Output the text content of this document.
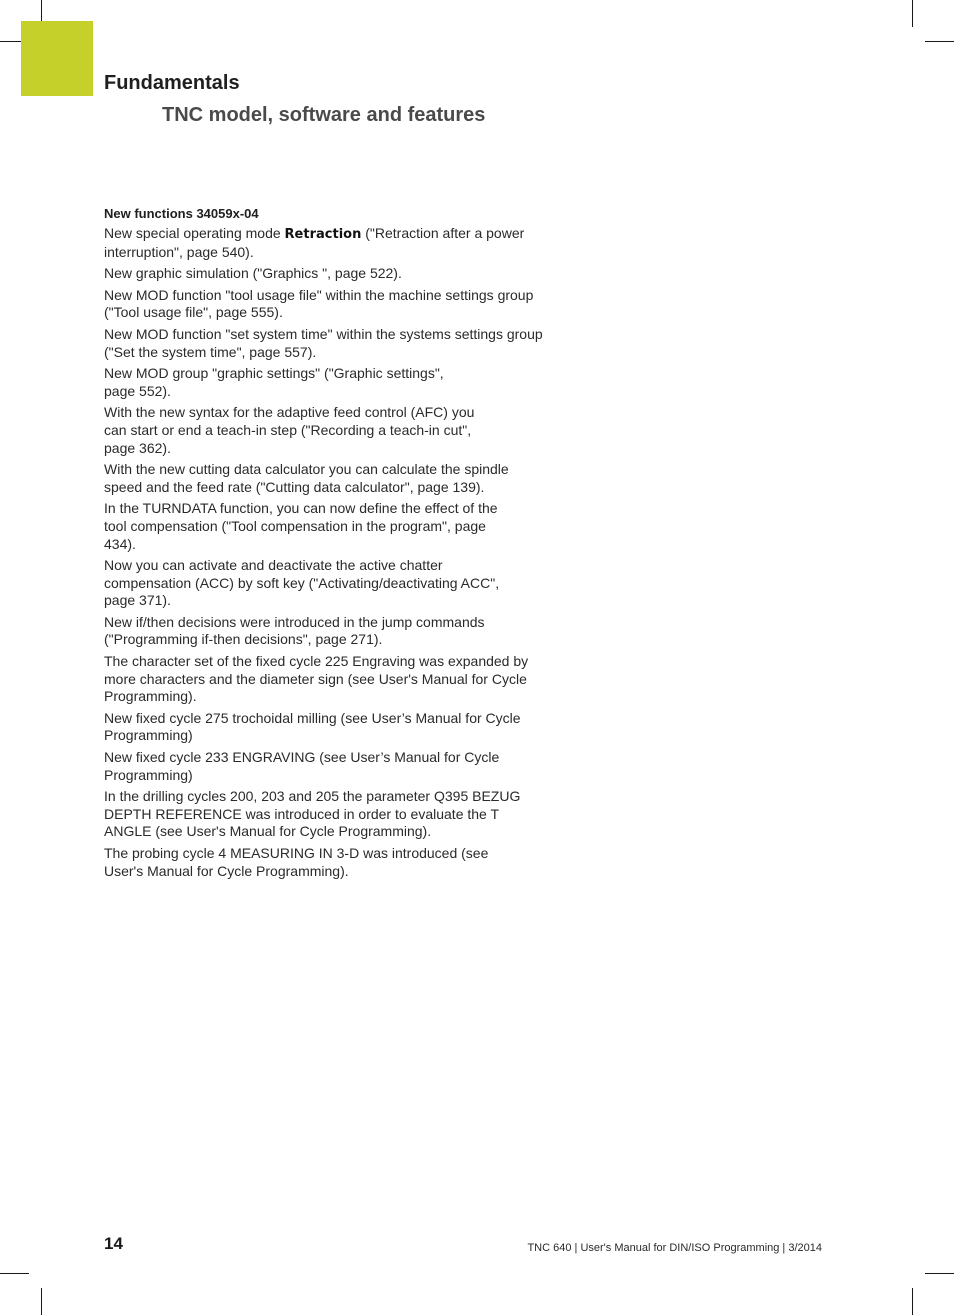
Fundamentals
TNC model, software and features
New functions 34059x-04

New special operating mode Retraction ("Retraction after a power interruption", page 540).

New graphic simulation ("Graphics ", page 522).

New MOD function "tool usage file" within the machine settings group ("Tool usage file", page 555).

New MOD function "set system time" within the systems settings group ("Set the system time", page 557).

New MOD group "graphic settings" ("Graphic settings", page 552).

With the new syntax for the adaptive feed control (AFC) you can start or end a teach-in step ("Recording a teach-in cut", page 362).

With the new cutting data calculator you can calculate the spindle speed and the feed rate ("Cutting data calculator", page 139).

In the TURNDATA function, you can now define the effect of the tool compensation ("Tool compensation in the program", page 434).

Now you can activate and deactivate the active chatter compensation (ACC) by soft key ("Activating/deactivating ACC", page 371).

New if/then decisions were introduced in the jump commands ("Programming if-then decisions", page 271).

The character set of the fixed cycle 225 Engraving was expanded by more characters and the diameter sign (see User's Manual for Cycle Programming).

New fixed cycle 275 trochoidal milling (see User’s Manual for Cycle Programming)

New fixed cycle 233 ENGRAVING (see User’s Manual for Cycle Programming)

In the drilling cycles 200, 203 and 205 the parameter Q395 BEZUG DEPTH REFERENCE was introduced in order to evaluate the T ANGLE (see User's Manual for Cycle Programming).

The probing cycle 4 MEASURING IN 3-D was introduced (see User's Manual for Cycle Programming).

14	TNC 640 | User's Manual for DIN/ISO Programming | 3/2014
